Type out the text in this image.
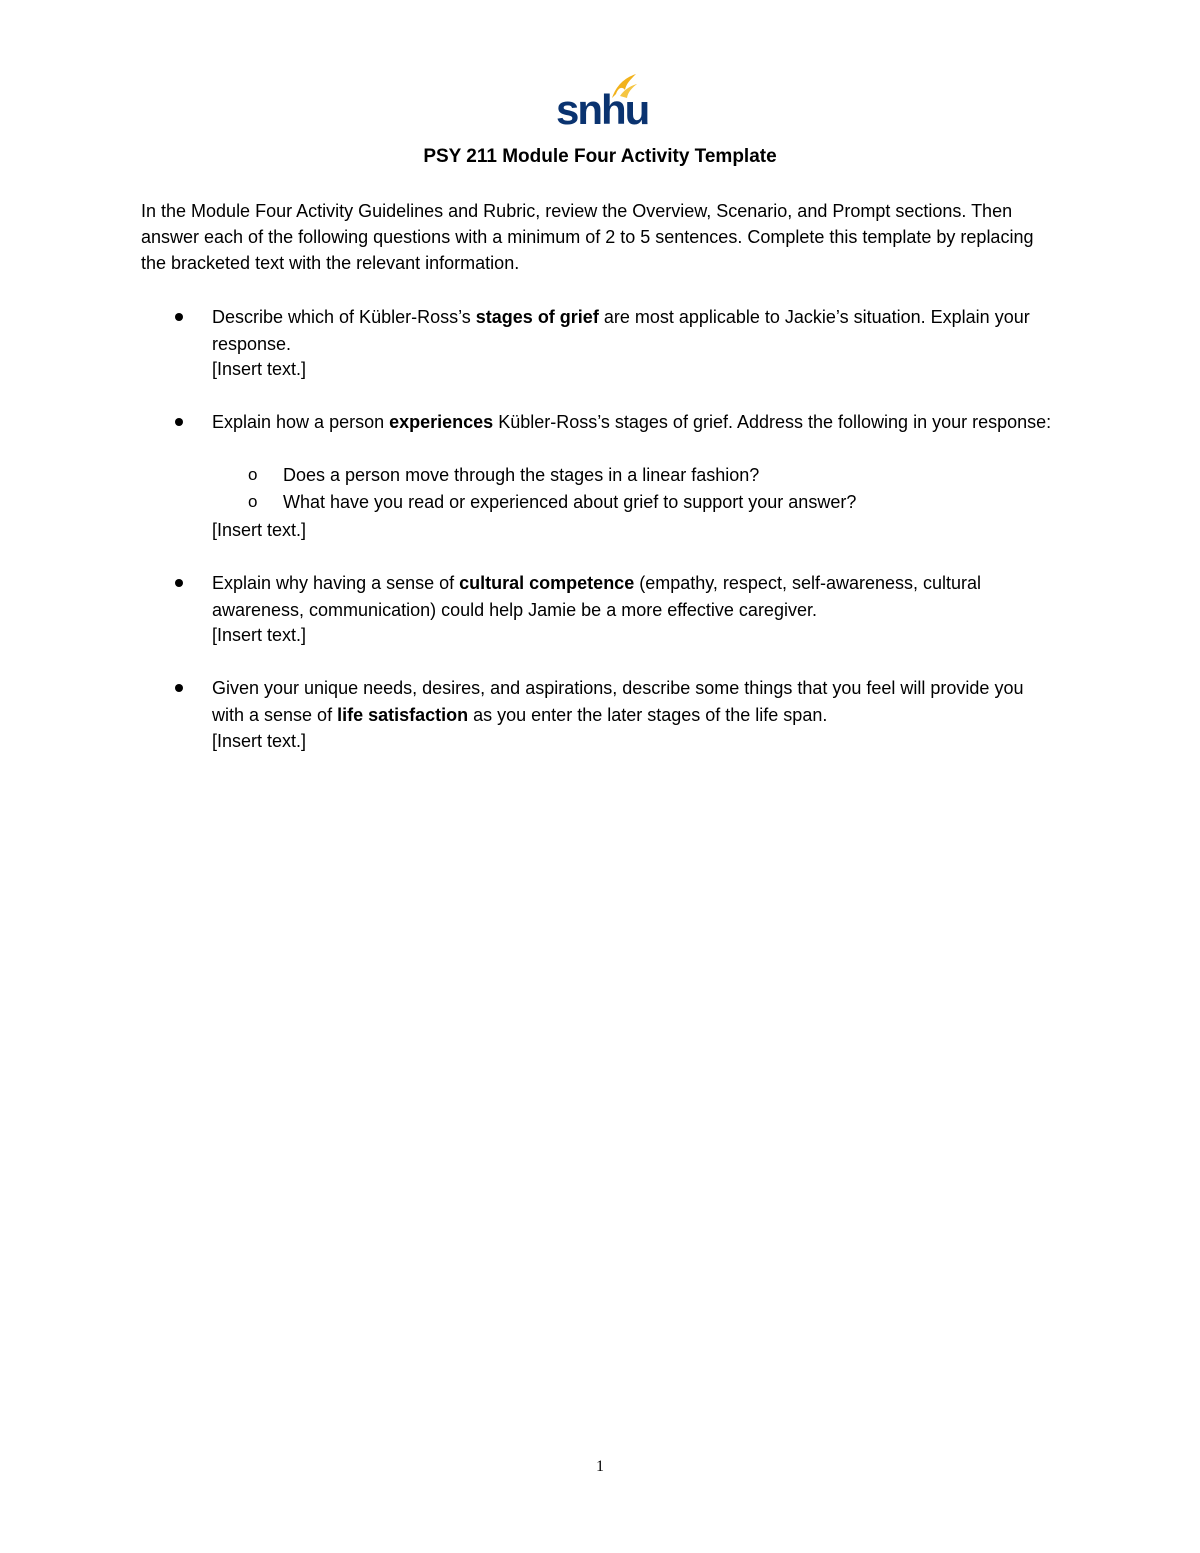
snhu
PSY 211 Module Four Activity Template
In the Module Four Activity Guidelines and Rubric, review the Overview, Scenario, and Prompt sections. Then answer each of the following questions with a minimum of 2 to 5 sentences. Complete this template by replacing the bracketed text with the relevant information.
Describe which of Kübler-Ross’s stages of grief are most applicable to Jackie’s situation. Explain your response.
[Insert text.]
Explain how a person experiences Kübler-Ross’s stages of grief. Address the following in your response:
o Does a person move through the stages in a linear fashion?
o What have you read or experienced about grief to support your answer?
[Insert text.]
Explain why having a sense of cultural competence (empathy, respect, self-awareness, cultural awareness, communication) could help Jamie be a more effective caregiver.
[Insert text.]
Given your unique needs, desires, and aspirations, describe some things that you feel will provide you with a sense of life satisfaction as you enter the later stages of the life span.
[Insert text.]
1
